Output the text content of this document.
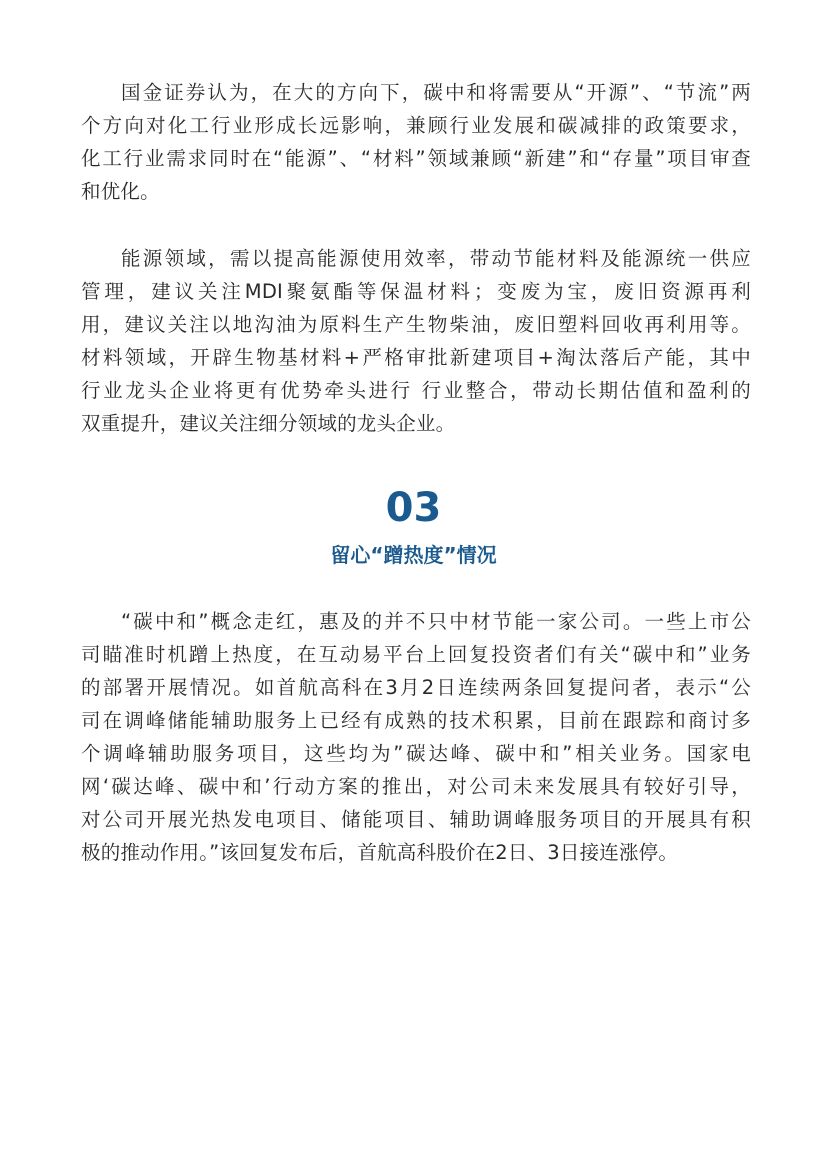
国金证券认为，在大的方向下，碳中和将需要从“开源”、“节流”两
个方向对化工行业形成长远影响，兼顾行业发展和碳减排的政策要求，
化工行业需求同时在“能源”、“材料”领域兼顾“新建”和“存量”项目审查
和优化。
能源领域，需以提高能源使用效率，带动节能材料及能源统一供应
管理，建议关注MDI聚氨酯等保温材料；变废为宝，废旧资源再利
用，建议关注以地沟油为原料生产生物柴油，废旧塑料回收再利用等。
材料领域，开辟生物基材料+严格审批新建项目+淘汰落后产能，其中
行业龙头企业将更有优势牵头进行 行业整合，带动长期估值和盈利的
双重提升，建议关注细分领域的龙头企业。
03
留心“蹭热度”情况
“碳中和”概念走红，惠及的并不只中材节能一家公司。一些上市公
司瞄准时机蹭上热度，在互动易平台上回复投资者们有关“碳中和”业务
的部署开展情况。如首航高科在3月2日连续两条回复提问者，表示“公
司在调峰储能辅助服务上已经有成熟的技术积累，目前在跟踪和商讨多
个调峰辅助服务项目，这些均为”碳达峰、碳中和”相关业务。国家电
网‘碳达峰、碳中和’行动方案的推出，对公司未来发展具有较好引导，
对公司开展光热发电项目、储能项目、辅助调峰服务项目的开展具有积
极的推动作用。”该回复发布后，首航高科股价在2日、3日接连涨停。
